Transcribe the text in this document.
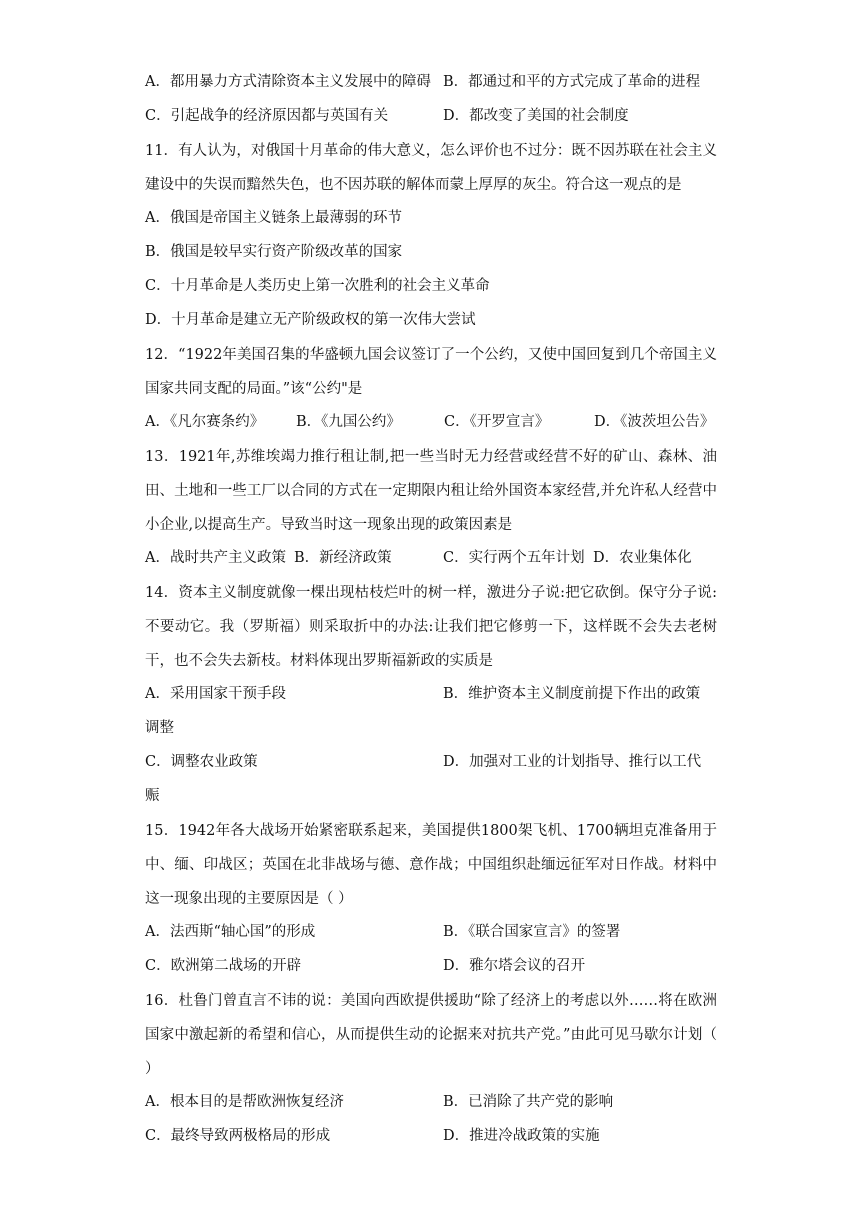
A．都用暴力方式清除资本主义发展中的障碍 B．都通过和平的方式完成了革命的进程
C．引起战争的经济原因都与英国有关	D．都改变了美国的社会制度
11．有人认为，对俄国十月革命的伟大意义，怎么评价也不过分：既不因苏联在社会主义建设中的失误而黯然失色，也不因苏联的解体而蒙上厚厚的灰尘。符合这一观点的是
A．俄国是帝国主义链条上最薄弱的环节
B．俄国是较早实行资产阶级改革的国家
C．十月革命是人类历史上第一次胜利的社会主义革命
D．十月革命是建立无产阶级政权的第一次伟大尝试
12．“1922年美国召集的华盛顿九国会议签订了一个公约，又使中国回复到几个帝国主义国家共同支配的局面。”该“公约"是
A．《凡尔赛条约》 B．《九国公约》	C．《开罗宣言》	D．《波茨坦公告》
13．1921年,苏维埃竭力推行租让制,把一些当时无力经营或经营不好的矿山、森林、油田、土地和一些工厂以合同的方式在一定期限内租让给外国资本家经营,并允许私人经营中小企业,以提高生产。导致当时这一现象出现的政策因素是
A．战时共产主义政策 B．新经济政策	C．实行两个五年计划 D．农业集体化
14．资本主义制度就像一棵出现枯枝烂叶的树一样，激进分子说:把它砍倒。保守分子说:不要动它。我（罗斯福）则采取折中的办法:让我们把它修剪一下，这样既不会失去老树干，也不会失去新枝。材料体现出罗斯福新政的实质是
A．采用国家干预手段	B．维护资本主义制度前提下作出的政策
调整
C．调整农业政策	D．加强对工业的计划指导、推行以工代
赈
15．1942年各大战场开始紧密联系起来，美国提供1800架飞机、1700辆坦克准备用于中、缅、印战区；英国在北非战场与德、意作战；中国组织赴缅远征军对日作战。材料中这一现象出现的主要原因是（ ）
A．法西斯“轴心国”的形成	B．《联合国家宣言》的签署
C．欧洲第二战场的开辟	D．雅尔塔会议的召开
16．杜鲁门曾直言不讳的说：美国向西欧提供援助“除了经济上的考虑以外……将在欧洲国家中激起新的希望和信心，从而提供生动的论据来对抗共产党。”由此可见马歇尔计划（ ）
A．根本目的是帮欧洲恢复经济	B．已消除了共产党的影响
C．最终导致两极格局的形成	D．推进冷战政策的实施
